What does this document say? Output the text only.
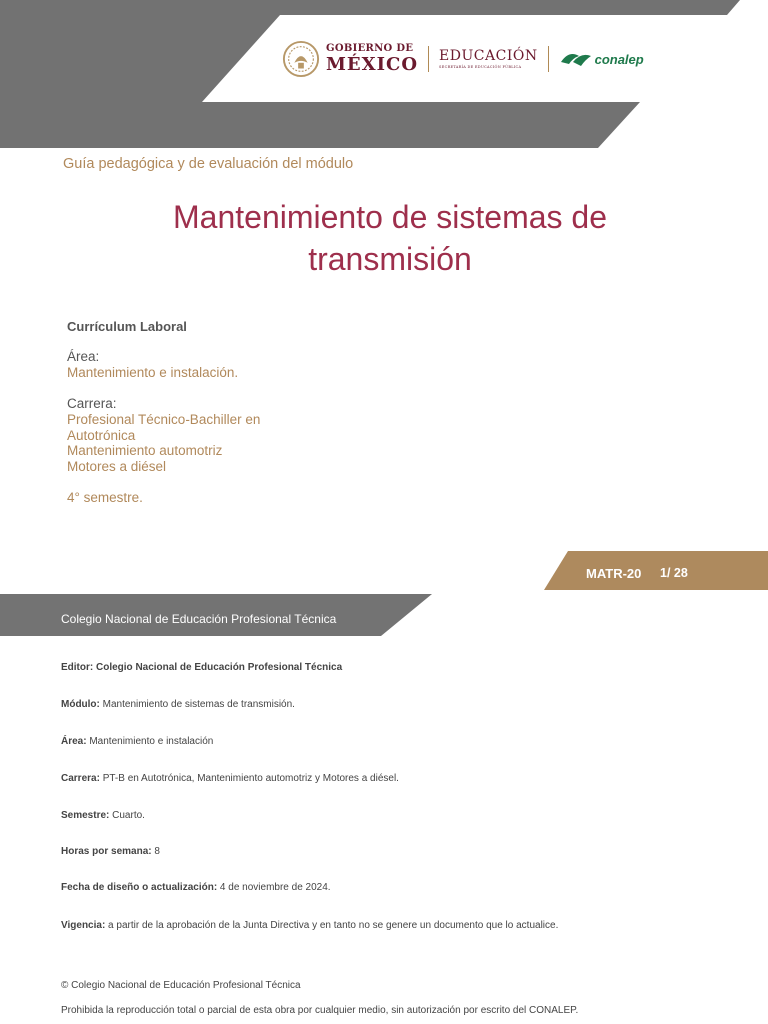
GOBIERNO DE
MÉXICO EDUCACIÓN
SECRETARÍA DE EDUCACIÓN PÚBLICA
conalep
Guía pedagógica y de evaluación del módulo
Mantenimiento de sistemas de
transmisión
Currículum Laboral
Área:
Mantenimiento e instalación.
Carrera:
Profesional Técnico-Bachiller en
Autotrónica
Mantenimiento automotriz
Motores a diésel
4° semestre.
MATR-20 1/ 28
Colegio Nacional de Educación Profesional Técnica
Editor: Colegio Nacional de Educación Profesional Técnica
Módulo: Mantenimiento de sistemas de transmisión.
Área: Mantenimiento e instalación
Carrera: PT-B en Autotrónica, Mantenimiento automotriz y Motores a diésel.
Semestre: Cuarto.
Horas por semana: 8
Fecha de diseño o actualización: 4 de noviembre de 2024.
Vigencia: a partir de la aprobación de la Junta Directiva y en tanto no se genere un documento que lo actualice.
© Colegio Nacional de Educación Profesional Técnica
Prohibida la reproducción total o parcial de esta obra por cualquier medio, sin autorización por escrito del CONALEP.
